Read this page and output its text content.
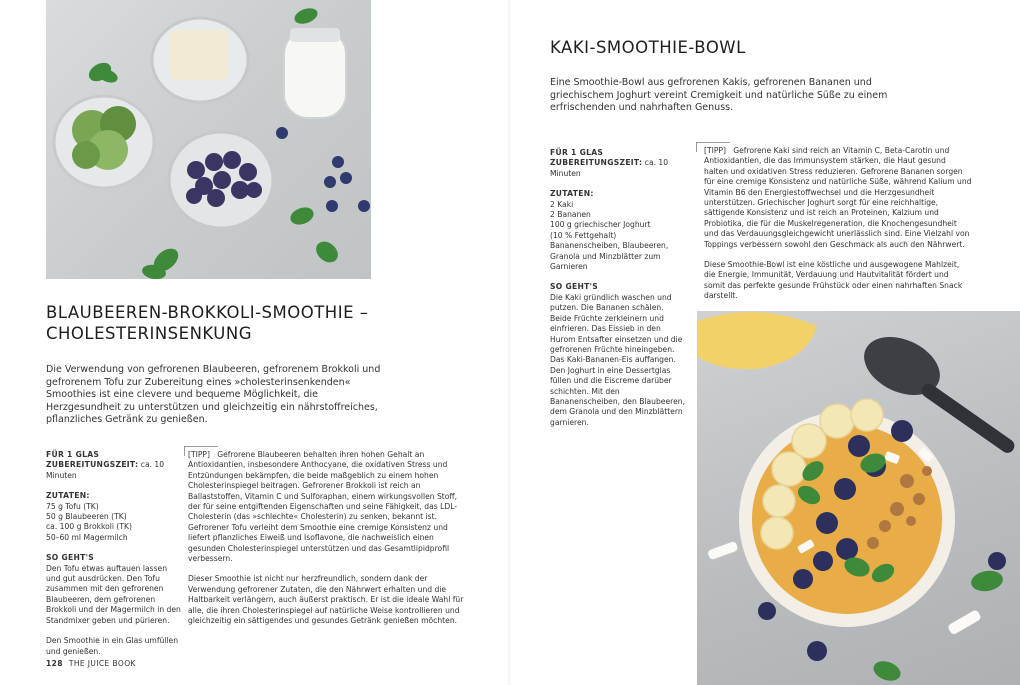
BLAUBEEREN-BROKKOLI-SMOOTHIE –
CHOLESTERINSENKUNG

Die Verwendung von gefrorenen Blaubeeren, gefrorenem Brokkoli und gefrorenem Tofu zur Zubereitung eines »cholesterinsenkenden« Smoothies ist eine clevere und bequeme Möglichkeit, die Herzgesundheit zu unterstützen und gleichzeitig ein nährstoffreiches, pflanzliches Getränk zu genießen.

FÜR 1 GLAS
ZUBEREITUNGSZEIT: ca. 10 Minuten
ZUTATEN:
75 g Tofu (TK)
50 g Blaubeeren (TK)
ca. 100 g Brokkoli (TK)
50–60 ml Magermilch
SO GEHT'S

Den Tofu etwas auftauen lassen und gut ausdrücken. Den Tofu zusammen mit den gefrorenen Blaubeeren, dem gefrorenen Brokkoli und der Magermilch in den Standmixer geben und pürieren.

Den Smoothie in ein Glas umfüllen und genießen.

[TIPP] Gefrorene Blaubeeren behalten ihren hohen Gehalt an Antioxidantien, insbesondere Anthocyane, die oxidativen Stress und Entzündungen bekämpfen, die beide maßgeblich zu einem hohen Cholesterinspiegel beitragen. Gefrorener Brokkoli ist reich an Ballaststoffen, Vitamin C und Sulforaphan, einem wirkungsvollen Stoff, der für seine entgiftenden Eigenschaften und seine Fähigkeit, das LDL-Cholesterin (das »schlechte« Cholesterin) zu senken, bekannt ist. Gefrorener Tofu verleiht dem Smoothie eine cremige Konsistenz und liefert pflanzliches Eiweiß und Isoflavone, die nachweislich einen gesunden Cholesterinspiegel unterstützen und das Gesamtlipidprofil verbessern.

Dieser Smoothie ist nicht nur herzfreundlich, sondern dank der Verwendung gefrorener Zutaten, die den Nährwert erhalten und die Haltbarkeit verlängern, auch äußerst praktisch. Er ist die ideale Wahl für alle, die ihren Cholesterinspiegel auf natürliche Weise kontrollieren und gleichzeitig ein sättigendes und gesundes Getränk genießen möchten.

128 THE JUICE BOOK
KAKI-SMOOTHIE-BOWL

Eine Smoothie-Bowl aus gefrorenen Kakis, gefrorenen Bananen und griechischem Joghurt vereint Cremigkeit und natürliche Süße zu einem erfrischenden und nahrhaften Genuss.

FÜR 1 GLAS
ZUBEREITUNGSZEIT: ca. 10 Minuten
ZUTATEN:
2 Kaki
2 Bananen
100 g griechischer Joghurt
(10 % Fettgehalt)
Bananenscheiben, Blaubeeren, Granola und Minzblätter zum Garnieren
SO GEHT'S

Die Kaki gründlich waschen und putzen. Die Bananen schälen. Beide Früchte zerkleinern und einfrieren. Das Eissieb in den Hurom Entsafter einsetzen und die gefrorenen Früchte hineingeben. Das Kaki-Bananen-Eis auffangen. Den Joghurt in eine Dessertglas füllen und die Eiscreme darüber schichten. Mit den Bananenscheiben, den Blaubeeren, dem Granola und den Minzblättern garnieren.

[TIPP] Gefrorene Kaki sind reich an Vitamin C, Beta-Carotin und Antioxidantien, die das Immunsystem stärken, die Haut gesund halten und oxidativen Stress reduzieren. Gefrorene Bananen sorgen für eine cremige Konsistenz und natürliche Süße, während Kalium und Vitamin B6 den Energiestoffwechsel und die Herzgesundheit unterstützen. Griechischer Joghurt sorgt für eine reichhaltige, sättigende Konsistenz und ist reich an Proteinen, Kalzium und Probiotika, die für die Muskelregeneration, die Knochengesundheit und das Verdauungsgleichgewicht unerlässlich sind. Eine Vielzahl von Toppings verbessern sowohl den Geschmack als auch den Nährwert.

Diese Smoothie-Bowl ist eine köstliche und ausgewogene Mahlzeit, die Energie, Immunität, Verdauung und Hautvitalität fördert und somit das perfekte gesunde Frühstück oder einen nahrhaften Snack darstellt.
